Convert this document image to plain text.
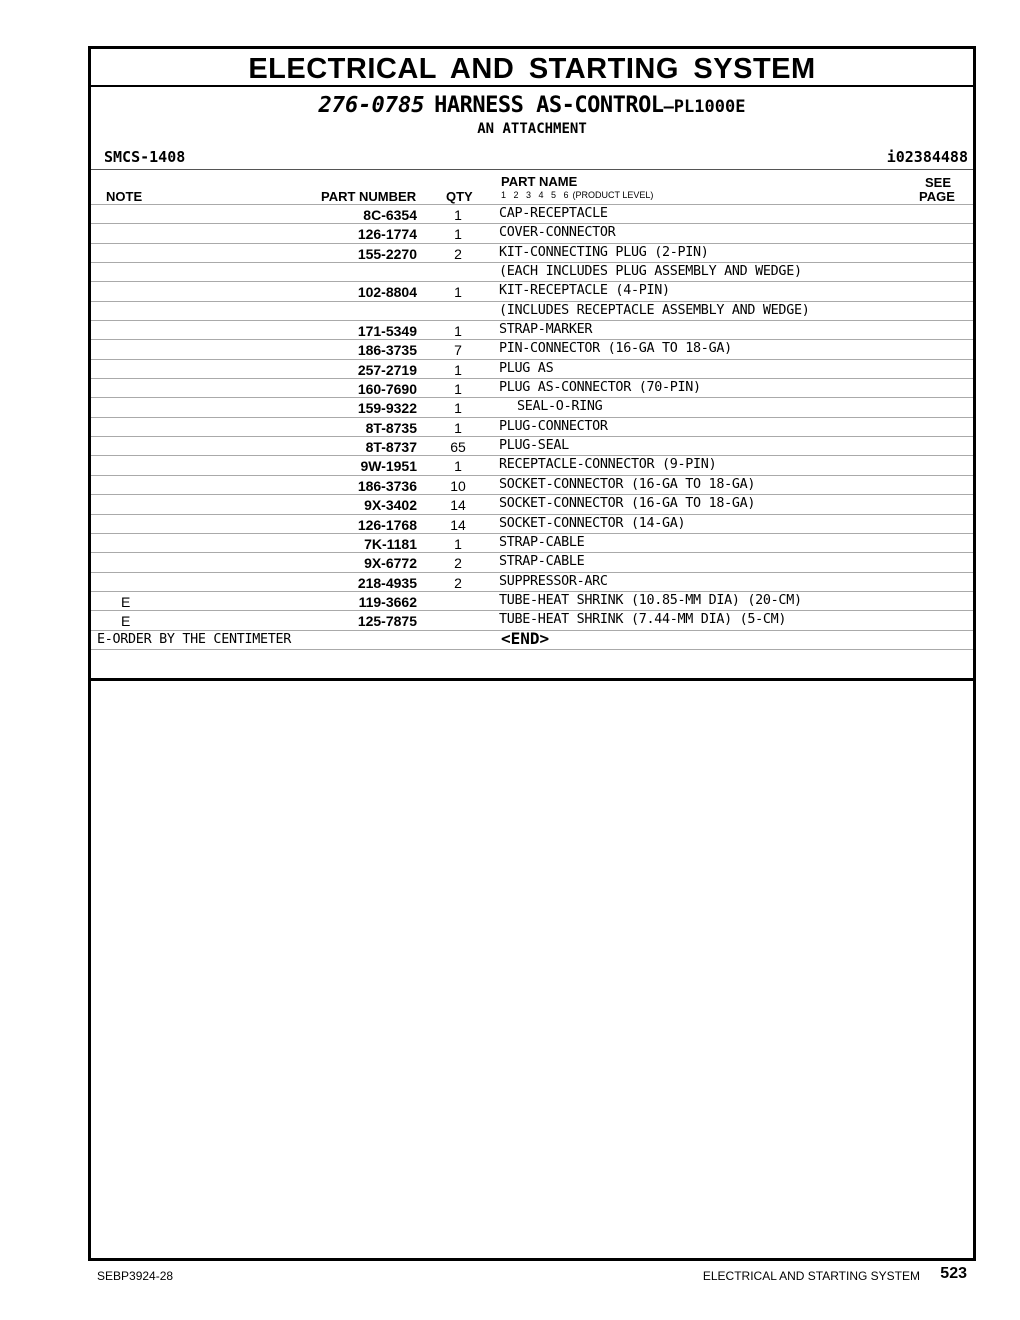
ELECTRICAL AND STARTING SYSTEM
276-0785 HARNESS AS-CONTROL—PL1000E
AN ATTACHMENT
SMCS-1408	i02384488
NOTE	PART NUMBER QTY
PART NAME
1 2 3 4 5 6 (PRODUCT LEVEL)
SEE
PAGE
8C-6354	1	CAP-RECEPTACLE
126-1774	1	COVER-CONNECTOR
155-2270	2	KIT-CONNECTING PLUG (2-PIN)
(EACH INCLUDES PLUG ASSEMBLY AND WEDGE)
102-8804	1	KIT-RECEPTACLE (4-PIN)
(INCLUDES RECEPTACLE ASSEMBLY AND WEDGE)
171-5349	1	STRAP-MARKER
186-3735	7	PIN-CONNECTOR (16-GA TO 18-GA)
257-2719	1	PLUG AS
160-7690	1	PLUG AS-CONNECTOR (70-PIN)
159-9322	1	SEAL-O-RING
8T-8735	1	PLUG-CONNECTOR
8T-8737	65	PLUG-SEAL
9W-1951	1	RECEPTACLE-CONNECTOR (9-PIN)
186-3736	10	SOCKET-CONNECTOR (16-GA TO 18-GA)
9X-3402	14	SOCKET-CONNECTOR (16-GA TO 18-GA)
126-1768	14	SOCKET-CONNECTOR (14-GA)
7K-1181	1	STRAP-CABLE
9X-6772	2	STRAP-CABLE
218-4935	2	SUPPRESSOR-ARC
E	119-3662	TUBE-HEAT SHRINK (10.85-MM DIA) (20-CM)
E	125-7875	TUBE-HEAT SHRINK (7.44-MM DIA) (5-CM)
E-ORDER BY THE CENTIMETER	<END>
SEBP3924-28	ELECTRICAL AND STARTING SYSTEM 523
